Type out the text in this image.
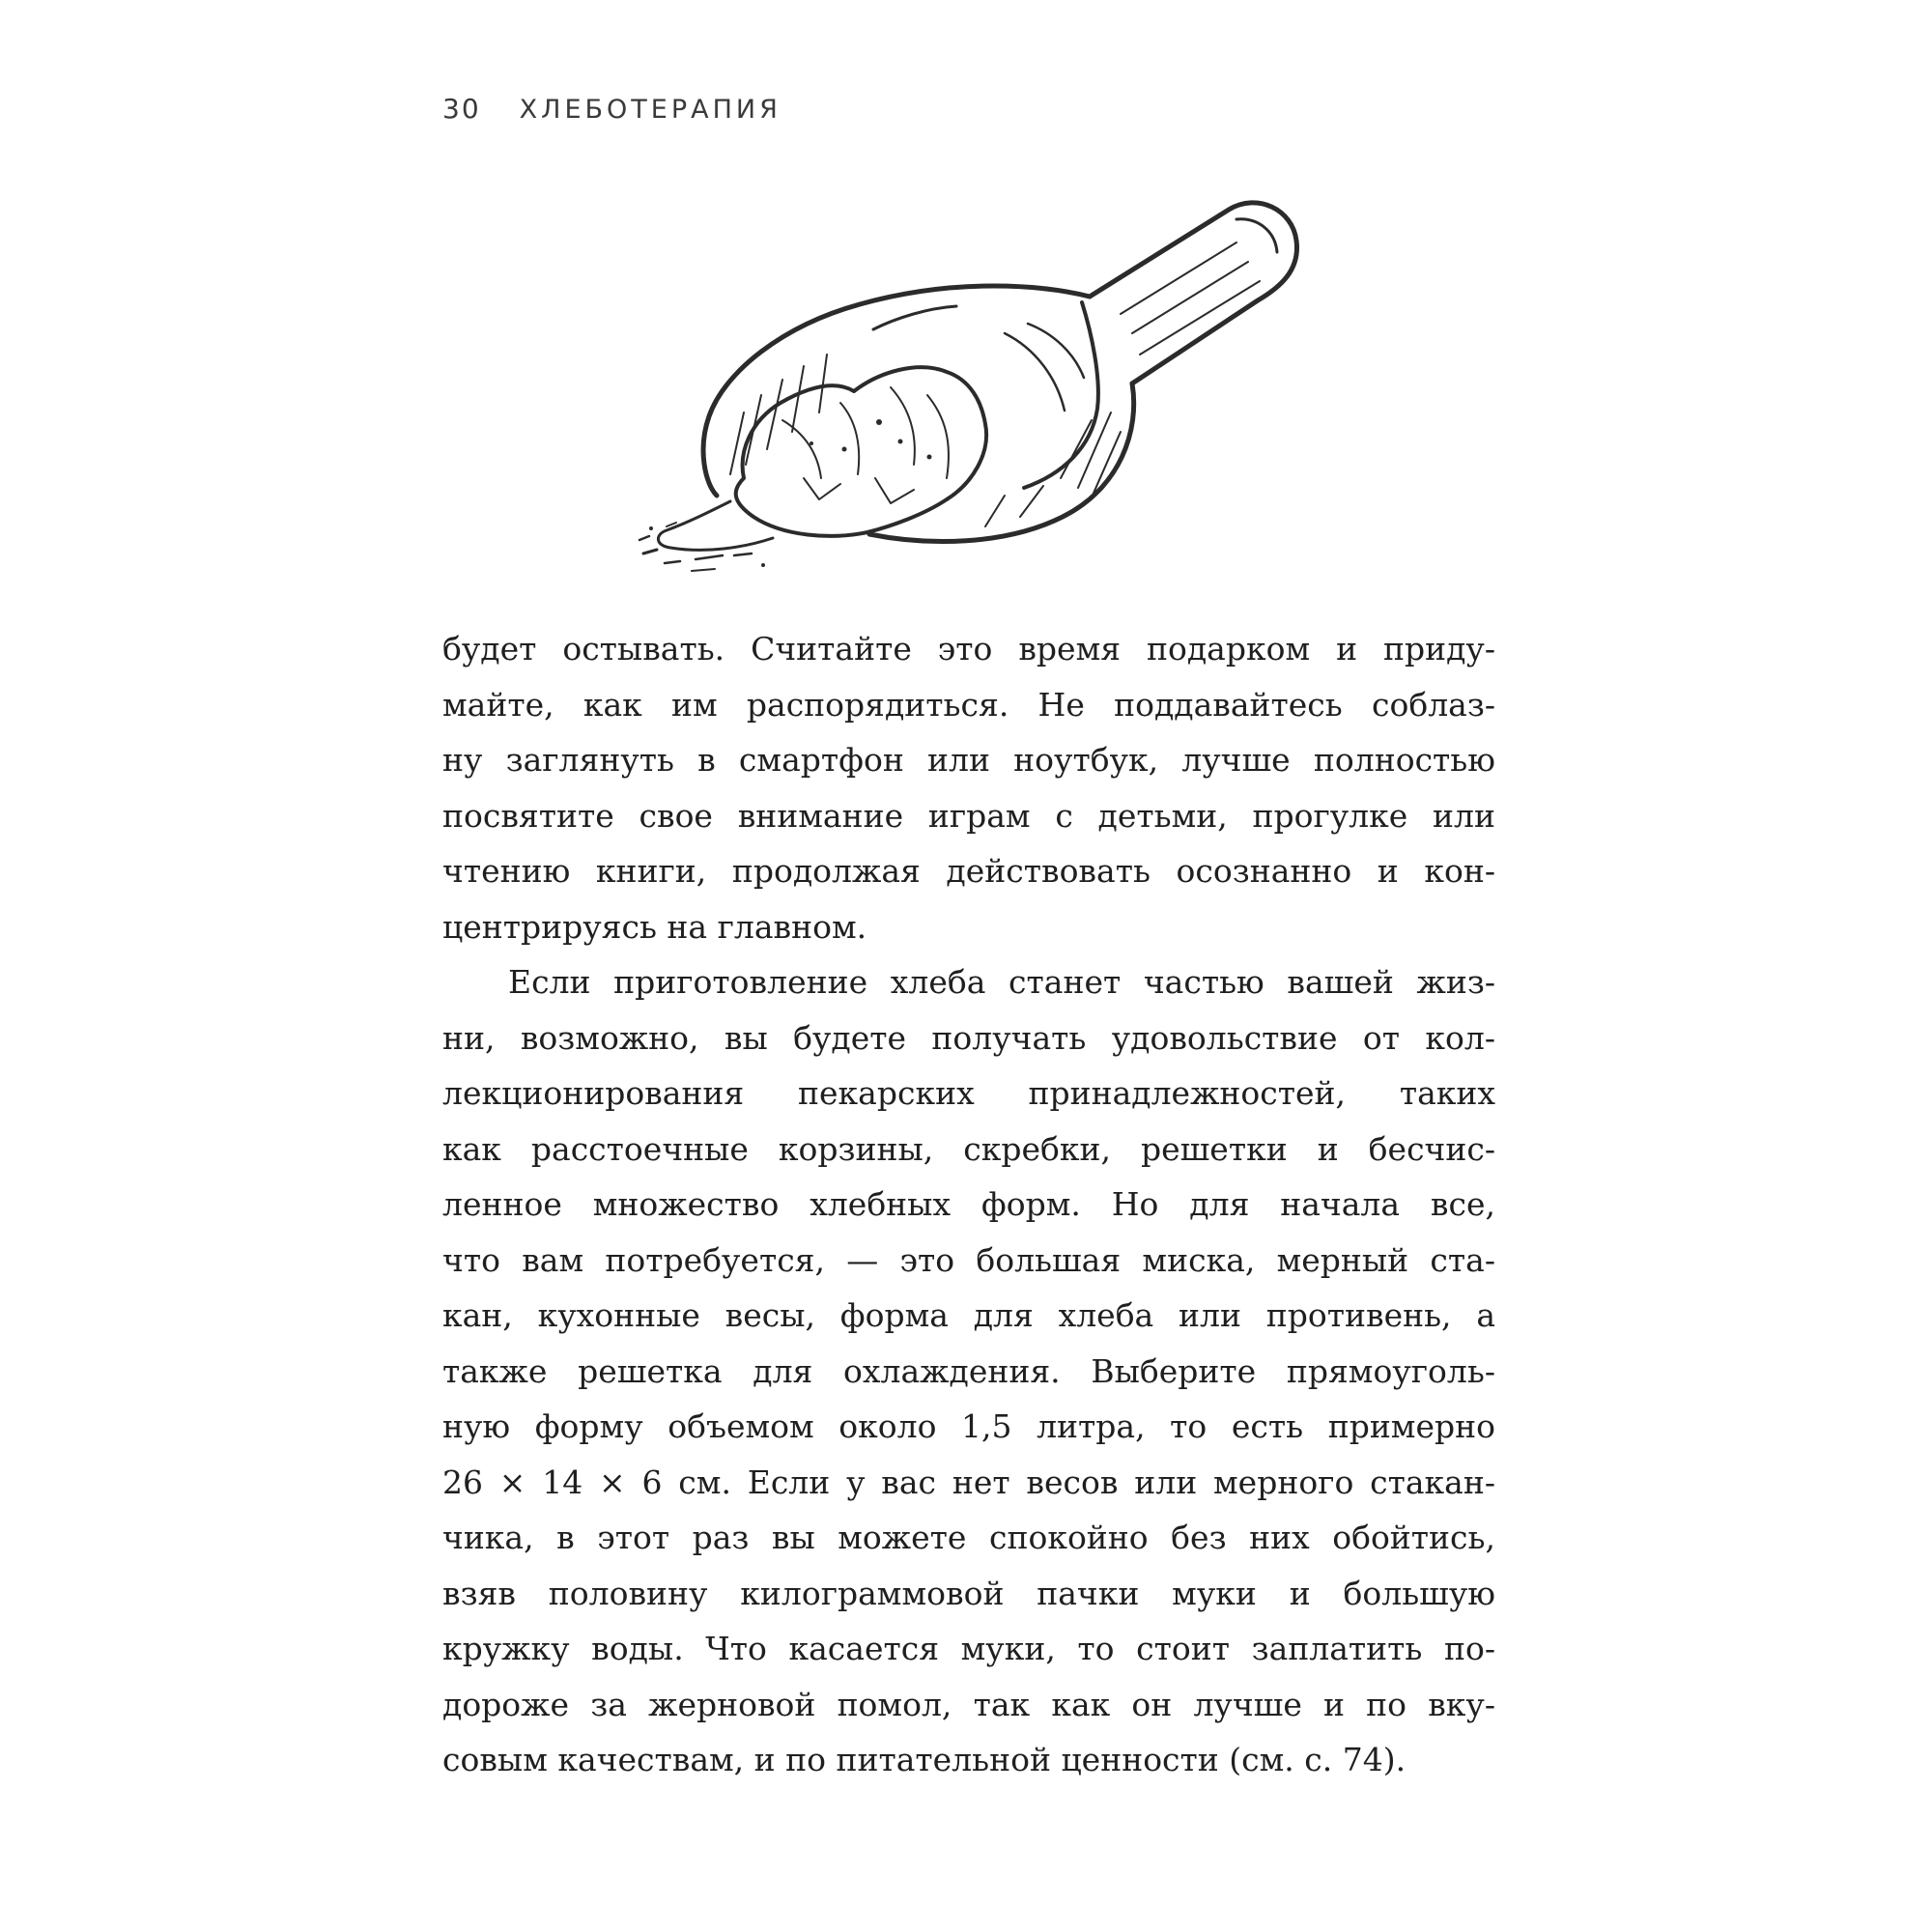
30 ХЛЕБОТЕРАПИЯ
будет остывать. Считайте это время подарком и приду-
майте, как им распорядиться. Не поддавайтесь соблаз-
ну заглянуть в смартфон или ноутбук, лучше полностью
посвятите свое внимание играм с детьми, прогулке или
чтению книги, продолжая действовать осознанно и кон-
центрируясь на главном.
Если приготовление хлеба станет частью вашей жиз-
ни, возможно, вы будете получать удовольствие от кол-
лекционирования пекарских принадлежностей, таких
как расстоечные корзины, скребки, решетки и бесчис-
ленное множество хлебных форм. Но для начала все,
что вам потребуется, — это большая миска, мерный ста-
кан, кухонные весы, форма для хлеба или противень, а
также решетка для охлаждения. Выберите прямоуголь-
ную форму объемом около 1,5 литра, то есть примерно
26 × 14 × 6 см. Если у вас нет весов или мерного стакан-
чика, в этот раз вы можете спокойно без них обойтись,
взяв половину килограммовой пачки муки и большую
кружку воды. Что касается муки, то стоит заплатить по-
дороже за жерновой помол, так как он лучше и по вку-
совым качествам, и по питательной ценности (см. с. 74).
